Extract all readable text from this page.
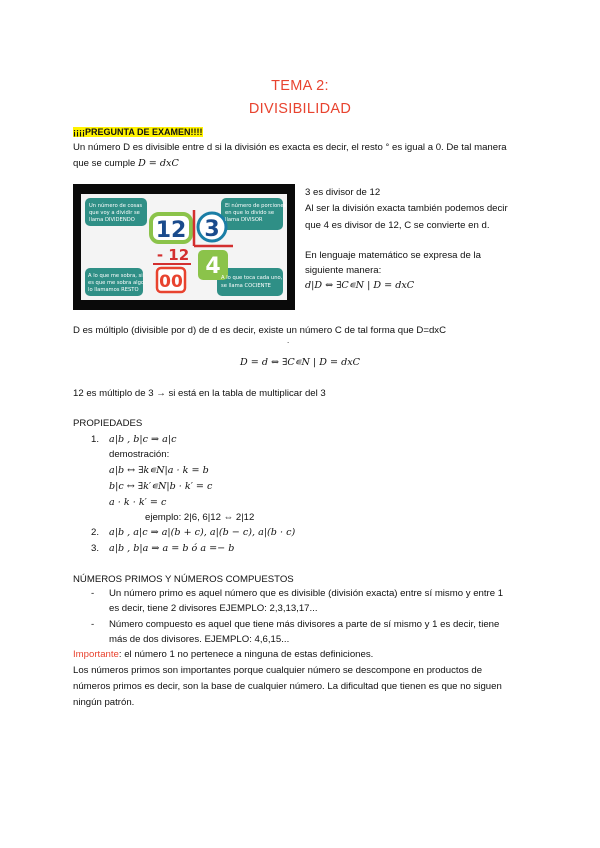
TEMA 2:
DIVISIBILIDAD
¡¡¡¡PREGUNTA DE EXAMEN!!!!
Un número D es divisible entre d si la división es exacta es decir, el resto ° es igual a 0. De tal manera
que se cumple D = dxC
12 3
- 12
00
4
Un número de cosas
que voy a dividir se
llama DIVIDENDO
El número de porciones
en que lo divido se
llama DIVISOR
A lo que me sobra, si
es que me sobra algo,
lo llamamos RESTO
A lo que toca cada uno,
se llama COCIENTE
3 es divisor de 12
Al ser la división exacta también podemos decir
que 4 es divisor de 12, C se convierte en d.
En lenguaje matemático se expresa de la
siguiente manera:
d|D ⇔ ∃C∊N | D = dxC
D es múltiplo (divisible por d) de d es decir, existe un número C de tal forma que D=dxC
.
D = d ⇔ ∃C∊N | D = dxC
12 es múltiplo de 3 → si está en la tabla de multiplicar del 3
PROPIEDADES
1. a|b , b|c ⇒ a|c
demostración:
a|b ↔ ∃k∊N|a · k = b
b|c ↔ ∃k′∊N|b · k′ = c
a · k · k′ = c
ejemplo: 2|6, 6|12 ⇔ 2|12
2. a|b , a|c ⇒ a|(b + c), a|(b − c), a|(b · c)
3. a|b , b|a ⇒ a = b ó a =− b
NÚMEROS PRIMOS Y NÚMEROS COMPUESTOS
- Un número primo es aquel número que es divisible (división exacta) entre sí mismo y entre 1
es decir, tiene 2 divisores EJEMPLO: 2,3,13,17...
- Número compuesto es aquel que tiene más divisores a parte de sí mismo y 1 es decir, tiene
más de dos divisores. EJEMPLO: 4,6,15...
Importante: el número 1 no pertenece a ninguna de estas definiciones.
Los números primos son importantes porque cualquier número se descompone en productos de
números primos es decir, son la base de cualquier número. La dificultad que tienen es que no siguen
ningún patrón.
